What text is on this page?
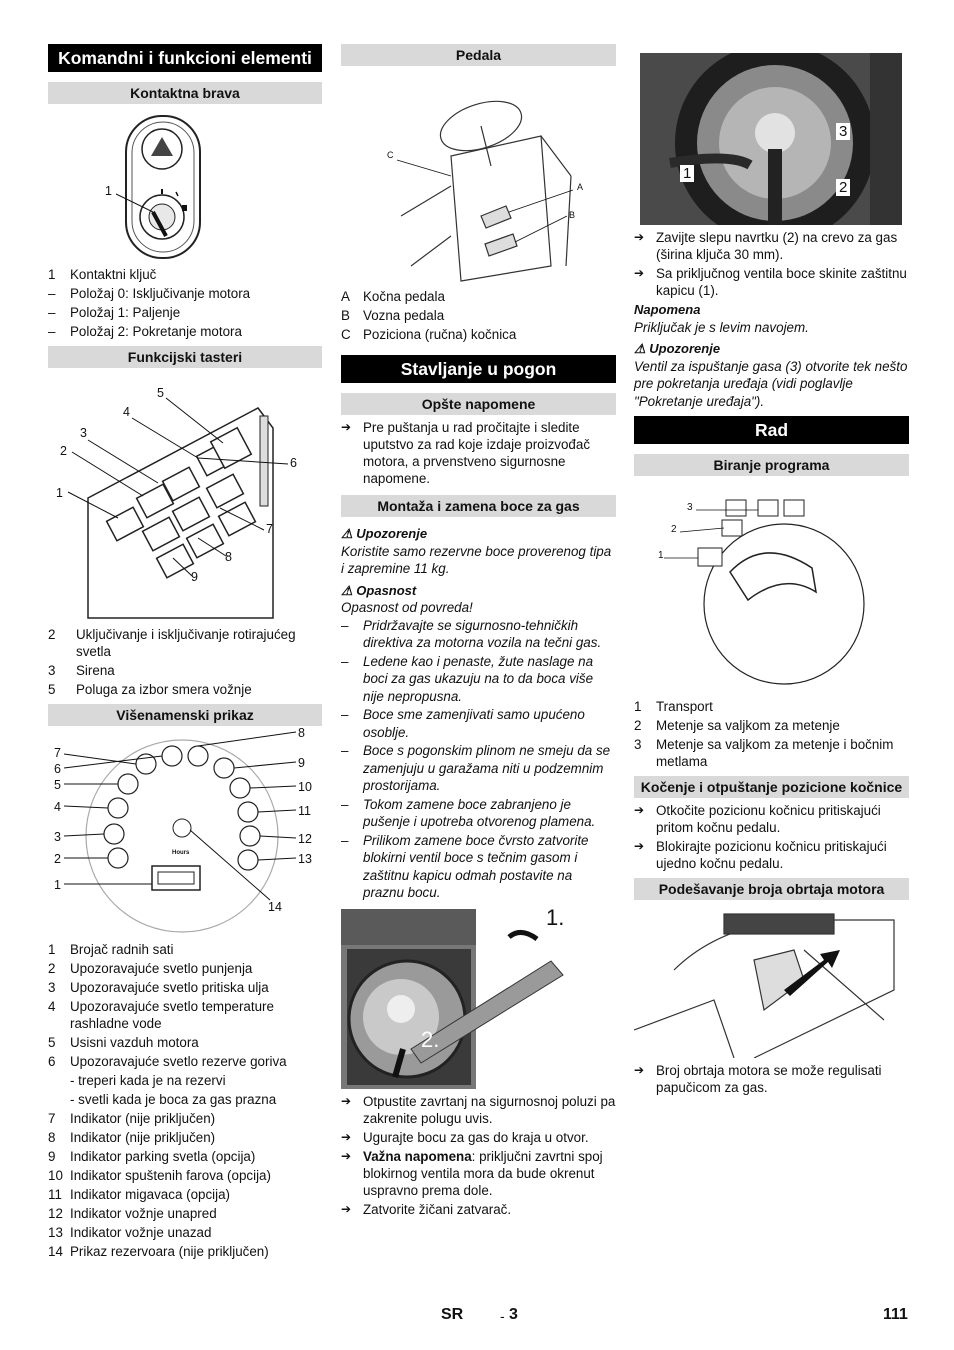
Komandni i funkcioni elementi
Kontaktna brava
1
1	Kontaktni ključ
–	Položaj 0: Isključivanje motora
–	Položaj 1: Paljenje
–	Položaj 2: Pokretanje motora
Funkcijski tasteri
1
2
3
4
5
6
7
8
9
2	Uključivanje i isključivanje rotirajućeg svetla
3	Sirena
5	Poluga za izbor smera vožnje
Višenamenski prikaz
1
2
3
4
5
6
7
8
9
10
11
12
13
14
Hours
1	Brojač radnih sati
2	Upozoravajuće svetlo punjenja
3	Upozoravajuće svetlo pritiska ulja
4	Upozoravajuće svetlo temperature rashladne vode
5	Usisni vazduh motora
6	Upozoravajuće svetlo rezerve goriva
- treperi kada je na rezervi
- svetli kada je boca za gas prazna
7	Indikator (nije priključen)
8	Indikator (nije priključen)
9	Indikator parking svetla (opcija)
10 Indikator spuštenih farova (opcija)
11 Indikator migavaca (opcija)
12 Indikator vožnje unapred
13 Indikator vožnje unazad
14 Prikaz rezervoara (nije priključen)
Pedala
A
B
C
A Kočna pedala
B Vozna pedala
C Poziciona (ručna) kočnica
Stavljanje u pogon
Opšte napomene
➔ Pre puštanja u rad pročitajte i sledite uputstvo za rad koje izdaje proizvođač motora, a prvenstveno sigurnosne napomene.
Montaža i zamena boce za gas

⚠ Upozorenje

Koristite samo rezervne boce proverenog tipa i zapremine 11 kg.

⚠ Opasnost

Opasnost od povreda!

–	Pridržavajte se sigurnosno-tehničkih direktiva za motorna vozila na tečni gas.
–	Ledene kao i penaste, žute naslage na boci za gas ukazuju na to da boca više nije nepropusna.
–	Boce sme zamenjivati samo upućeno osoblje.
–	Boce s pogonskim plinom ne smeju da se zamenjuju u garažama niti u podzemnim prostorijama.
–	Tokom zamene boce zabranjeno je pušenje i upotreba otvorenog plamena.
–	Prilikom zamene boce čvrsto zatvorite blokirni ventil boce s tečnim gasom i zaštitnu kapicu odmah postavite na praznu bocu.
1.
2.
➔ Otpustite zavrtanj na sigurnosnoj poluzi pa zakrenite polugu uvis.
➔ Ugurajte bocu za gas do kraja u otvor.
➔ Važna napomena: priključni zavrtni spoj blokirnog ventila mora da bude okrenut uspravno prema dole.
➔ Zatvorite žičani zatvarač.
3
1
2
➔ Zavijte slepu navrtku (2) na crevo za gas (širina ključa 30 mm).
➔ Sa priključnog ventila boce skinite zaštitnu kapicu (1).

Napomena

Priključak je s levim navojem.

⚠ Upozorenje

Ventil za ispuštanje gasa (3) otvorite tek nešto pre pokretanja uređaja (vidi poglavlje "Pokretanje uređaja").

Rad
Biranje programa
3
2
1
1	Transport
2	Metenje sa valjkom za metenje
3	Metenje sa valjkom za metenje i bočnim metlama
Kočenje i otpuštanje pozicione kočnice
➔ Otkočite pozicionu kočnicu pritiskajući pritom kočnu pedalu.
➔ Blokirajte pozicionu kočnicu pritiskajući ujedno kočnu pedalu.
Podešavanje broja obrtaja motora
➔ Broj obrtaja motora se može regulisati papučicom za gas.
SR	- 3	111
